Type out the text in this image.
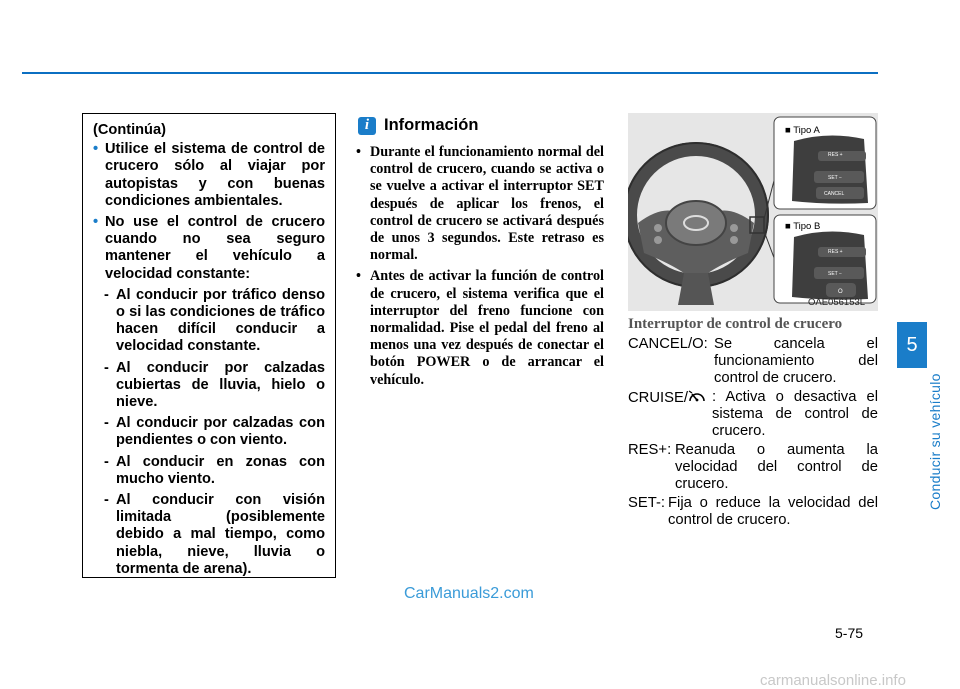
5
Conducir su vehículo
(Continúa)
• Utilice el sistema de control de crucero sólo al viajar por autopistas y con buenas condiciones ambientales.
• No use el control de crucero cuando no sea seguro mantener el vehículo a velocidad constante:
- Al conducir por tráfico denso o si las condiciones de tráfico hacen difícil conducir a velocidad constante.
- Al conducir por calzadas cubiertas de lluvia, hielo o nieve.
- Al conducir por calzadas con pendientes o con viento.
- Al conducir en zonas con mucho viento.
- Al conducir con visión limitada (posiblemente debido a mal tiempo, como niebla, nieve, lluvia o tormenta de arena).
i Información
• Durante el funcionamiento normal del control de crucero, cuando se activa o se vuelve a activar el interruptor SET después de aplicar los frenos, el control de crucero se activará después de unos 3 segundos. Este retraso es normal.
• Antes de activar la función de control de crucero, el sistema verifica que el interruptor del freno funcione con normalidad. Pise el pedal del freno al menos una vez después de conectar el botón POWER o de arrancar el vehículo.
■ Tipo A
RES +
SET −
CANCEL
■ Tipo B
RES +
SET −
O
OAE056153L
Interruptor de control de crucero
CANCEL/O: Se cancela el funcionamiento del control de crucero.
CRUISE/	: Activa o desactiva el sistema de control de crucero.
RES+: Reanuda o aumenta la velocidad del control de crucero.
SET-: Fija o reduce la velocidad del control de crucero.
CarManuals2.com
5-75
carmanualsonline.info
